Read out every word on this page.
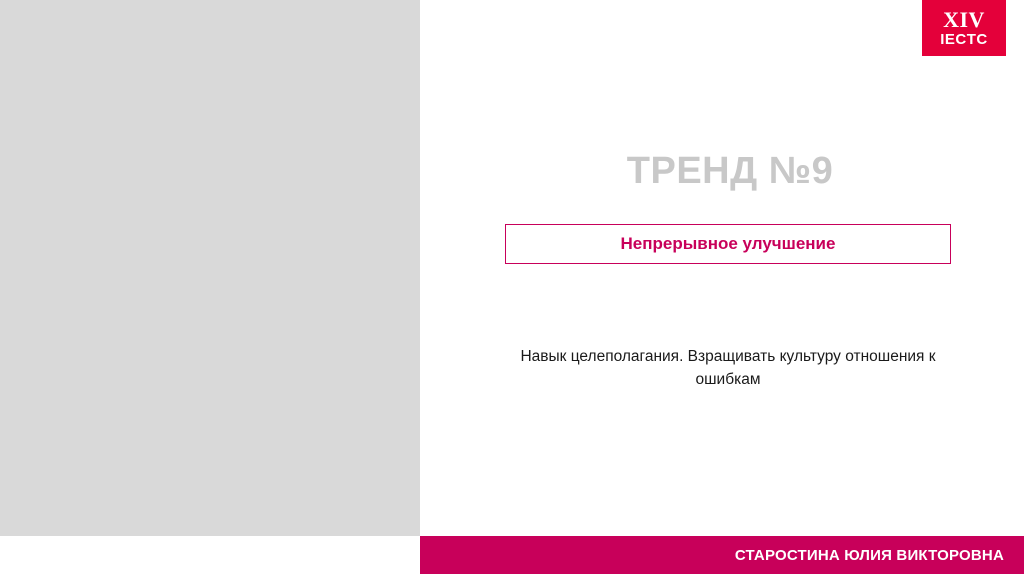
XIV
IECTC
ТРЕНД №9
Непрерывное улучшение
Навык целеполагания. Взращивать культуру отношения к ошибкам
СТАРОСТИНА ЮЛИЯ ВИКТОРОВНА
